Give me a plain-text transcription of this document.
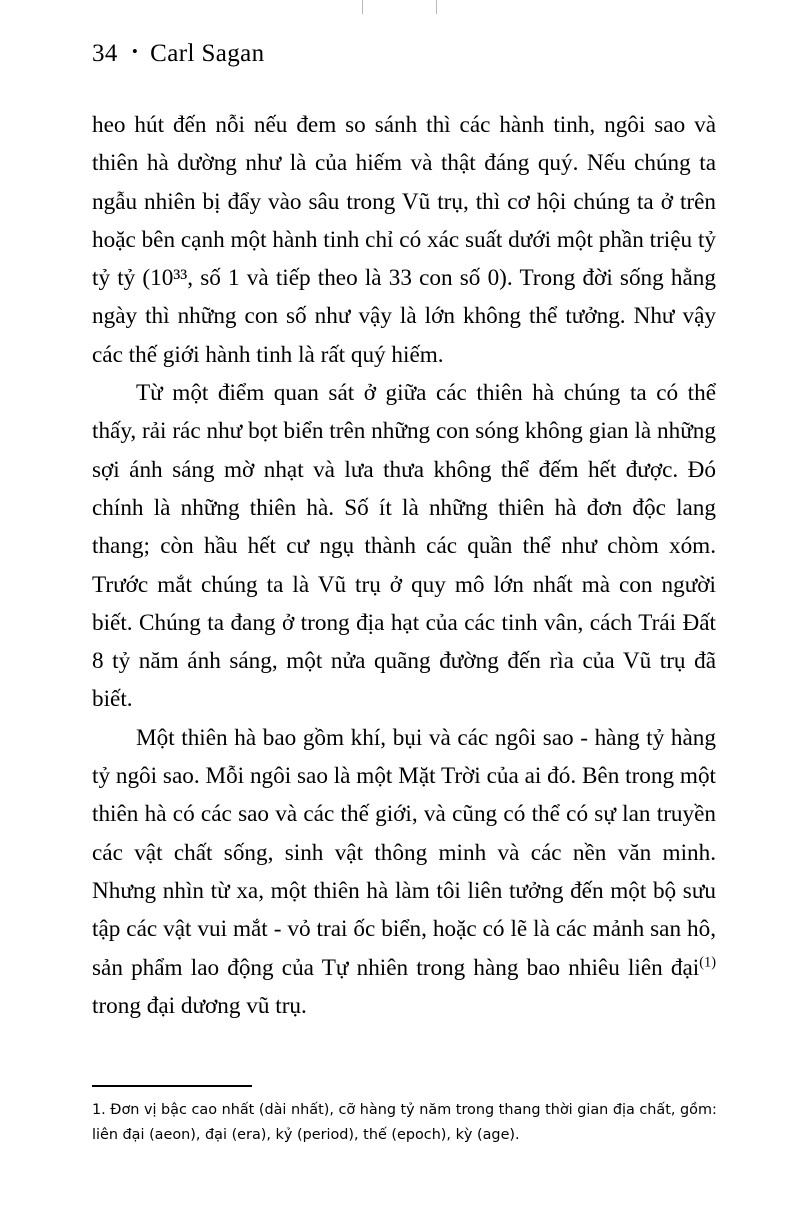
34 • Carl Sagan

heo hút đến nỗi nếu đem so sánh thì các hành tinh, ngôi sao và thiên hà dường như là của hiếm và thật đáng quý. Nếu chúng ta ngẫu nhiên bị đẩy vào sâu trong Vũ trụ, thì cơ hội chúng ta ở trên hoặc bên cạnh một hành tinh chỉ có xác suất dưới một phần triệu tỷ tỷ tỷ (10³³, số 1 và tiếp theo là 33 con số 0). Trong đời sống hằng ngày thì những con số như vậy là lớn không thể tưởng. Như vậy các thế giới hành tinh là rất quý hiếm.

Từ một điểm quan sát ở giữa các thiên hà chúng ta có thể thấy, rải rác như bọt biển trên những con sóng không gian là những sợi ánh sáng mờ nhạt và lưa thưa không thể đếm hết được. Đó chính là những thiên hà. Số ít là những thiên hà đơn độc lang thang; còn hầu hết cư ngụ thành các quần thể như chòm xóm. Trước mắt chúng ta là Vũ trụ ở quy mô lớn nhất mà con người biết. Chúng ta đang ở trong địa hạt của các tinh vân, cách Trái Đất 8 tỷ năm ánh sáng, một nửa quãng đường đến rìa của Vũ trụ đã biết.

Một thiên hà bao gồm khí, bụi và các ngôi sao - hàng tỷ hàng tỷ ngôi sao. Mỗi ngôi sao là một Mặt Trời của ai đó. Bên trong một thiên hà có các sao và các thế giới, và cũng có thể có sự lan truyền các vật chất sống, sinh vật thông minh và các nền văn minh. Nhưng nhìn từ xa, một thiên hà làm tôi liên tưởng đến một bộ sưu tập các vật vui mắt - vỏ trai ốc biển, hoặc có lẽ là các mảnh san hô, sản phẩm lao động của Tự nhiên trong hàng bao nhiêu liên đại$^{(1)}$ trong đại dương vũ trụ.

1. Đơn vị bậc cao nhất (dài nhất), cỡ hàng tỷ năm trong thang thời gian địa chất, gồm: liên đại (aeon), đại (era), kỷ (period), thế (epoch), kỳ (age).
